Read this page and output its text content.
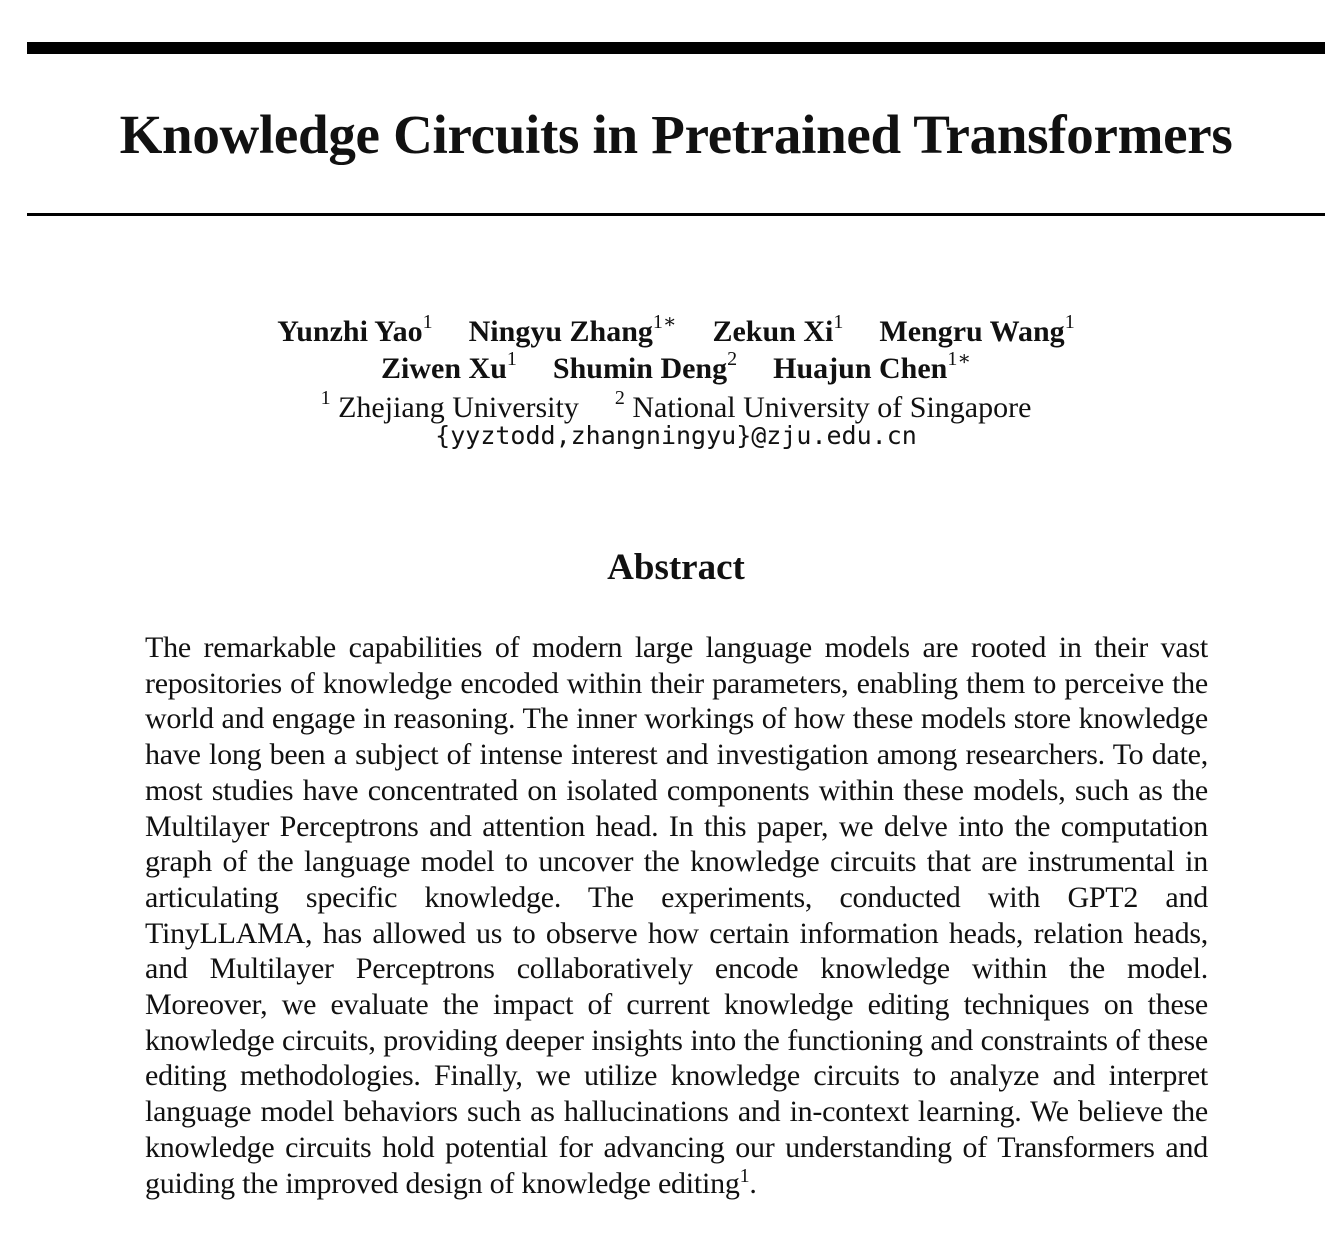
Knowledge Circuits in Pretrained Transformers
Yunzhi Yao$^1$ Ningyu Zhang$^{1∗}$ Zekun Xi$^1$ Mengru Wang$^1$
Ziwen Xu$^1$ Shumin Deng$^2$ Huajun Chen$^{1∗}$
$^1$ Zhejiang University $^2$ National University of Singapore
{yyztodd,zhangningyu}@zju.edu.cn
Abstract

The remarkable capabilities of modern large language models are rooted in their vast repositories of knowledge encoded within their parameters, enabling them to perceive the world and engage in reasoning. The inner workings of how these models store knowledge have long been a subject of intense interest and investigation among researchers. To date, most studies have concentrated on isolated components within these models, such as the Multilayer Perceptrons and attention head. In this paper, we delve into the computation graph of the language model to uncover the knowledge circuits that are instrumental in articulating specific knowledge. The experiments, conducted with GPT2 and TinyLLAMA, has allowed us to observe how certain information heads, relation heads, and Multilayer Perceptrons collaboratively encode knowledge within the model. Moreover, we evaluate the impact of current knowledge editing techniques on these knowledge circuits, providing deeper insights into the functioning and constraints of these editing methodologies. Finally, we utilize knowledge circuits to analyze and interpret language model behaviors such as hallucinations and in-context learning. We believe the knowledge circuits hold potential for advancing our understanding of Transformers and guiding the improved design of knowledge editing$^1$.
